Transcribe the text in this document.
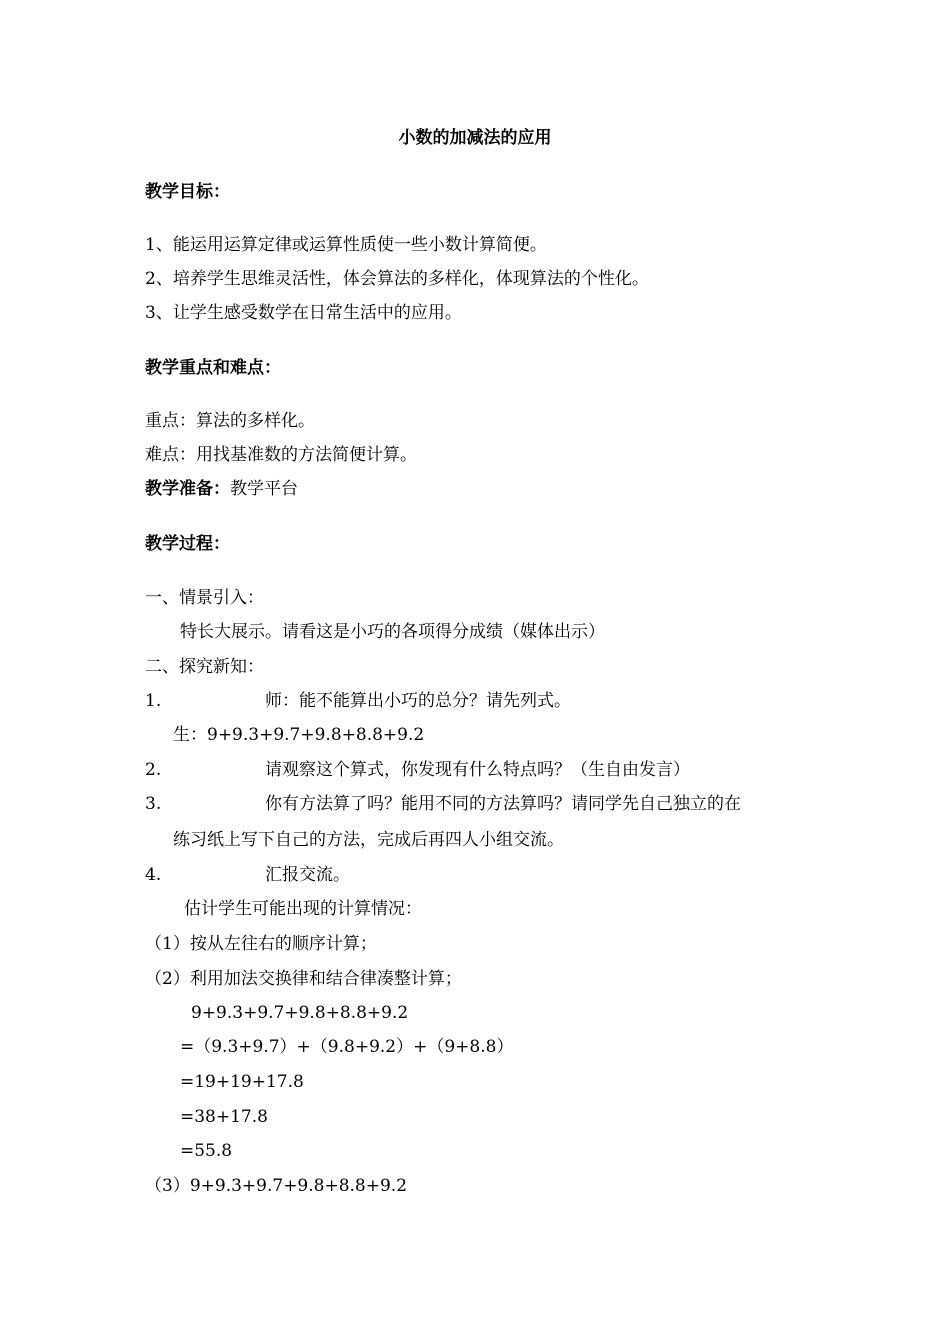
小数的加减法的应用
教学目标：
1、能运用运算定律或运算性质使一些小数计算简便。
2、培养学生思维灵活性，体会算法的多样化，体现算法的个性化。
3、让学生感受数学在日常生活中的应用。
教学重点和难点：
重点：算法的多样化。
难点：用找基准数的方法简便计算。
教学准备：教学平台
教学过程：
一、情景引入：
特长大展示。请看这是小巧的各项得分成绩（媒体出示）
二、探究新知：
1.	师：能不能算出小巧的总分？请先列式。
生：9+9.3+9.7+9.8+8.8+9.2
2.	请观察这个算式，你发现有什么特点吗？（生自由发言）
3.	你有方法算了吗？能用不同的方法算吗？请同学先自己独立的在
练习纸上写下自己的方法，完成后再四人小组交流。
4.	汇报交流。
估计学生可能出现的计算情况：
（1）按从左往右的顺序计算；
（2）利用加法交换律和结合律凑整计算；
9+9.3+9.7+9.8+8.8+9.2
=（9.3+9.7）+（9.8+9.2）+（9+8.8）
=19+19+17.8
=38+17.8
=55.8
（3）9+9.3+9.7+9.8+8.8+9.2
